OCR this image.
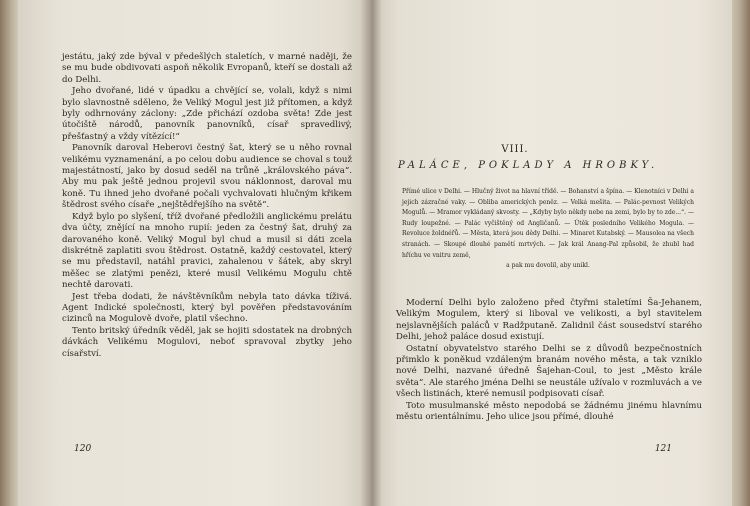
jestátu, jaký zde býval v předešlých staletích, v marné naději, že se mu bude obdivovati aspoň několik Evropanů, kteří se dostali až do Delhi.

Jeho dvořané, lidé v úpadku a chvějící se, volali, když s nimi bylo slavnostně sděleno, že Veliký Mogul jest již přítomen, a když byly odhrnovány záclony: „Zde přichází ozdoba světa! Zde jest útočiště národů, panovník panovníků, císař spravedlivý, přešťastný a vždy vítězící!“

Panovník daroval Heberovi čestný šat, který se u něho rovnal velikému vyznamenání, a po celou dobu audience se choval s touž majestátností, jako by dosud seděl na trůně „královského páva“. Aby mu pak ještě jednou projevil svou náklonnost, daroval mu koně. Tu ihned jeho dvořané počali vychvalovati hlučným křikem štědrost svého císaře „nejštědřejšího na světě“.

Když bylo po slyšení, tříž dvořané předložili anglickému prelátu dva účty, znějící na mnoho rupií: jeden za čestný šat, druhý za darovaného koně. Veliký Mogul byl chud a musil si dáti zcela diskrétně zaplatiti svou štědrost. Ostatně, každý cestovatel, který se mu představil, natáhl pravici, zahalenou v šátek, aby skryl měšec se zlatými penězi, které musil Velikému Mogulu chtě nechtě darovati.

Jest třeba dodati, že návštěvníkům nebyla tato dávka tíživá. Agent Indické společnosti, který byl pověřen představováním cizinců na Mogulově dvoře, platil všechno.

Tento britský úředník věděl, jak se hojiti sdostatek na drobných dávkách Velikému Mogulovi, neboť spravoval zbytky jeho císařství.

120
VIII.
PALÁCE, POKLADY A HROBKY.
Přímé ulice v Delhi. — Hlučný život na hlavní třídě. — Bohanství a špína. — Klenotníci v Delhi a jejich zázračné vaky. — Obliba amerických peněz. — Velká mešita. — Palác-pevnost Velikých Mogulů. — Mramor vykládaný skvosty. — „Kdyby bylo někdy nebe na zemi, bylo by to zde...“. — Rudy loupežné. — Palác vyčištěný od Angličanů. — Útěk posledního Velikého Mogula. — Revoluce žoldnéřů. — Města, která jsou dědy Delhi. — Minaret Kutabský. — Mausolea na všech stranách. — Skoupé dlouhé pamětí mrtvých. — Jak král Anang-Pal způsobil, že zhubl had hříchu ve vnitru země,
a pak mu dovolil, aby unikl.

Moderní Delhi bylo založeno před čtyřmi staletími Ša-Jehanem, Velikým Mogulem, který si liboval ve velikosti, a byl stavitelem nejslavnějších paláců v Radžputaně. Zalidnil část sousedství starého Delhi, jehož paláce dosud existují.

Ostatní obyvatelstvo starého Delhi se z důvodů bezpečnostních přimklo k poněkud vzdáleným branám nového města, a tak vzniklo nové Delhi, nazvané úředně Šajehan-Coul, to jest „Město krále světa“. Ale starého jména Delhi se neustále užívalo v rozmluvách a ve všech listinách, které nemusil podpisovati císař.

Toto musulmanské město nepodobá se žádnému jinému hlavnímu městu orientálnímu. Jeho ulice jsou přímé, dlouhé

121
